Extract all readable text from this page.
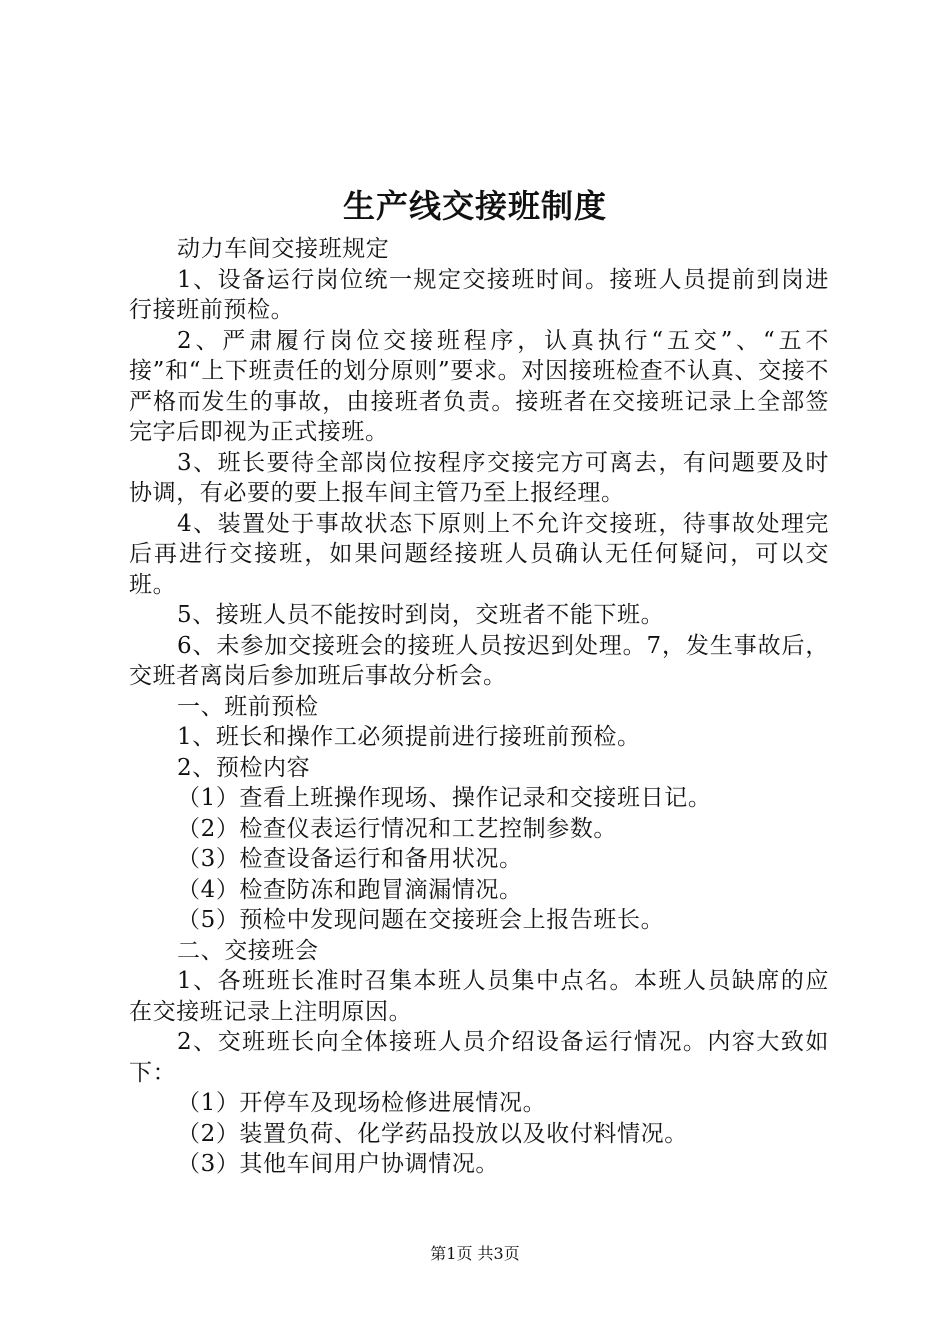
生产线交接班制度

动力车间交接班规定

1、设备运行岗位统一规定交接班时间。接班人员提前到岗进行接班前预检。

2、严肃履行岗位交接班程序，认真执行“五交”、“五不接”和“上下班责任的划分原则”要求。对因接班检查不认真、交接不严格而发生的事故，由接班者负责。接班者在交接班记录上全部签完字后即视为正式接班。

3、班长要待全部岗位按程序交接完方可离去，有问题要及时协调，有必要的要上报车间主管乃至上报经理。

4、装置处于事故状态下原则上不允许交接班，待事故处理完后再进行交接班，如果问题经接班人员确认无任何疑问，可以交班。

5、接班人员不能按时到岗，交班者不能下班。

6、未参加交接班会的接班人员按迟到处理。7，发生事故后，交班者离岗后参加班后事故分析会。

一、班前预检

1、班长和操作工必须提前进行接班前预检。

2、预检内容

（1）查看上班操作现场、操作记录和交接班日记。

（2）检查仪表运行情况和工艺控制参数。

（3）检查设备运行和备用状况。

（4）检查防冻和跑冒滴漏情况。

（5）预检中发现问题在交接班会上报告班长。

二、交接班会

1、各班班长准时召集本班人员集中点名。本班人员缺席的应在交接班记录上注明原因。

2、交班班长向全体接班人员介绍设备运行情况。内容大致如下：

（1）开停车及现场检修进展情况。

（2）装置负荷、化学药品投放以及收付料情况。

（3）其他车间用户协调情况。

第1页 共3页
